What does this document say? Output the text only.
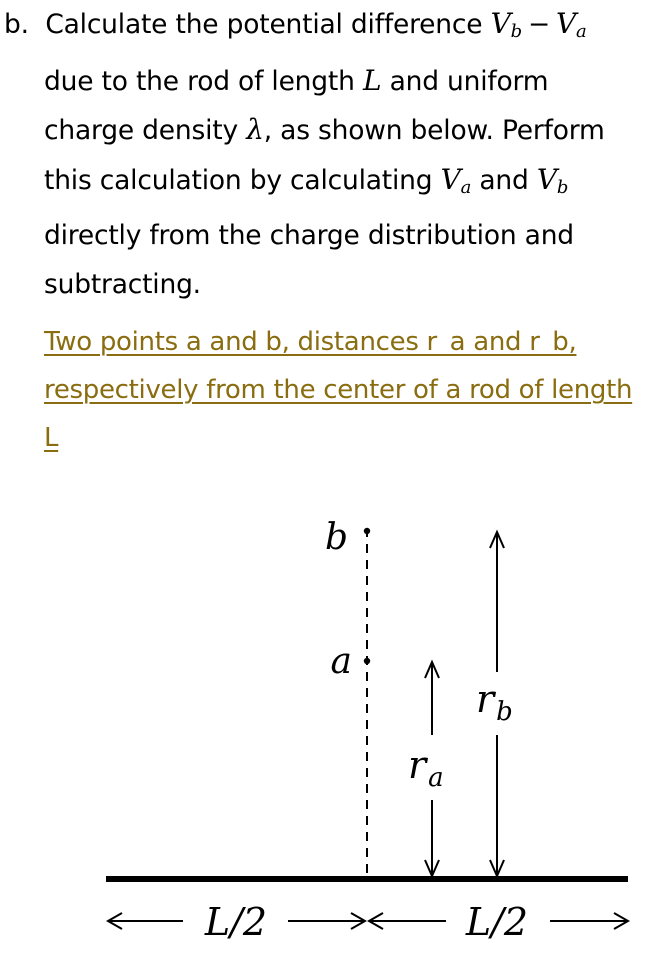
b. Calculate the potential difference $V_b - V_a$
due to the rod of length L and uniform
charge density λ, as shown below. Perform
this calculation by calculating $V_a$ and $V_b$
directly from the charge distribution and
subtracting.
Two points a and b, distances r_a and r_b, respectively from the center of a rod of length L
b
a
$r_a$
$r_b$
L/2	L/2
